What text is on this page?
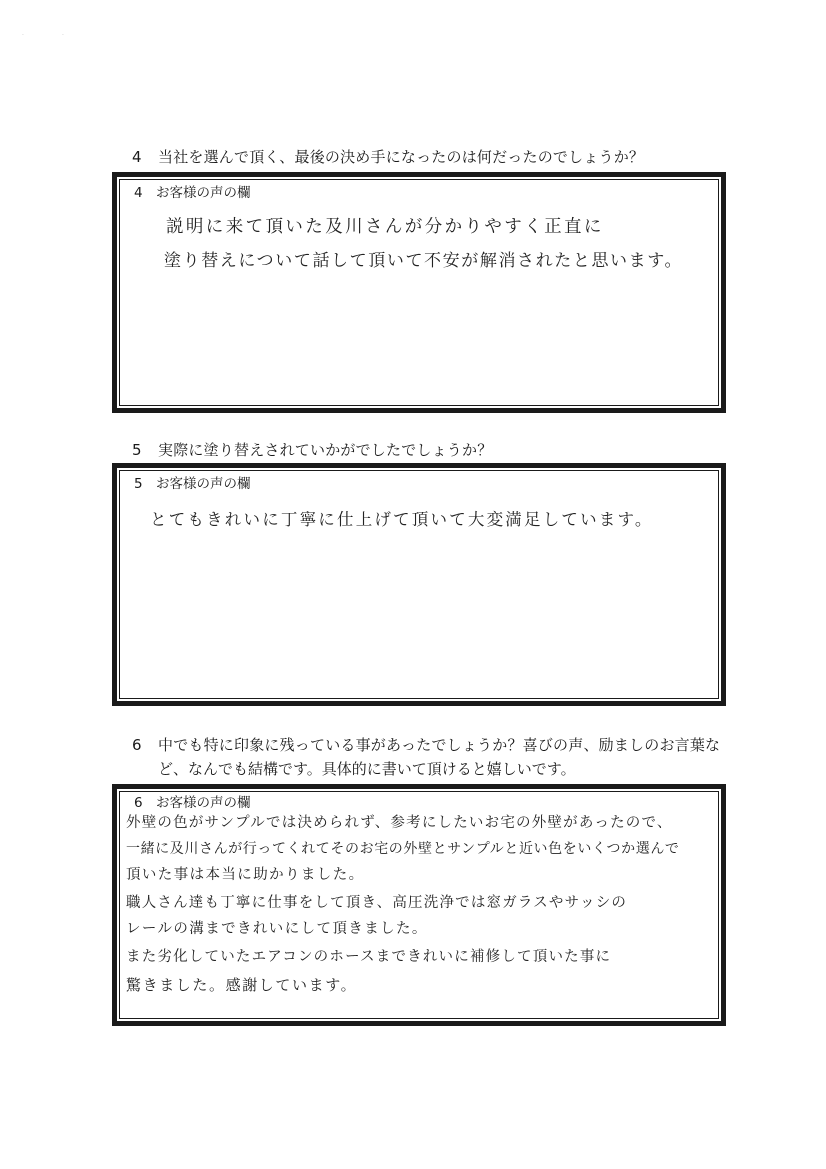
·	·
4 当社を選んで頂く、最後の決め手になったのは何だったのでしょうか？
4 お客様の声の欄
説明に来て頂いた及川さんが分かりやすく正直に
塗り替えについて話して頂いて不安が解消されたと思います。
5 実際に塗り替えされていかがでしたでしょうか？
5 お客様の声の欄
とてもきれいに丁寧に仕上げて頂いて大変満足しています。
6 中でも特に印象に残っている事があったでしょうか？喜びの声、励ましのお言葉な
ど、なんでも結構です。具体的に書いて頂けると嬉しいです。
6 お客様の声の欄
外壁の色がサンプルでは決められず、参考にしたいお宅の外壁があったので、
一緒に及川さんが行ってくれてそのお宅の外壁とサンプルと近い色をいくつか選んで
頂いた事は本当に助かりました。
職人さん達も丁寧に仕事をして頂き、高圧洗浄では窓ガラスやサッシの
レールの溝まできれいにして頂きました。
また劣化していたエアコンのホースまできれいに補修して頂いた事に
驚きました。感謝しています。
